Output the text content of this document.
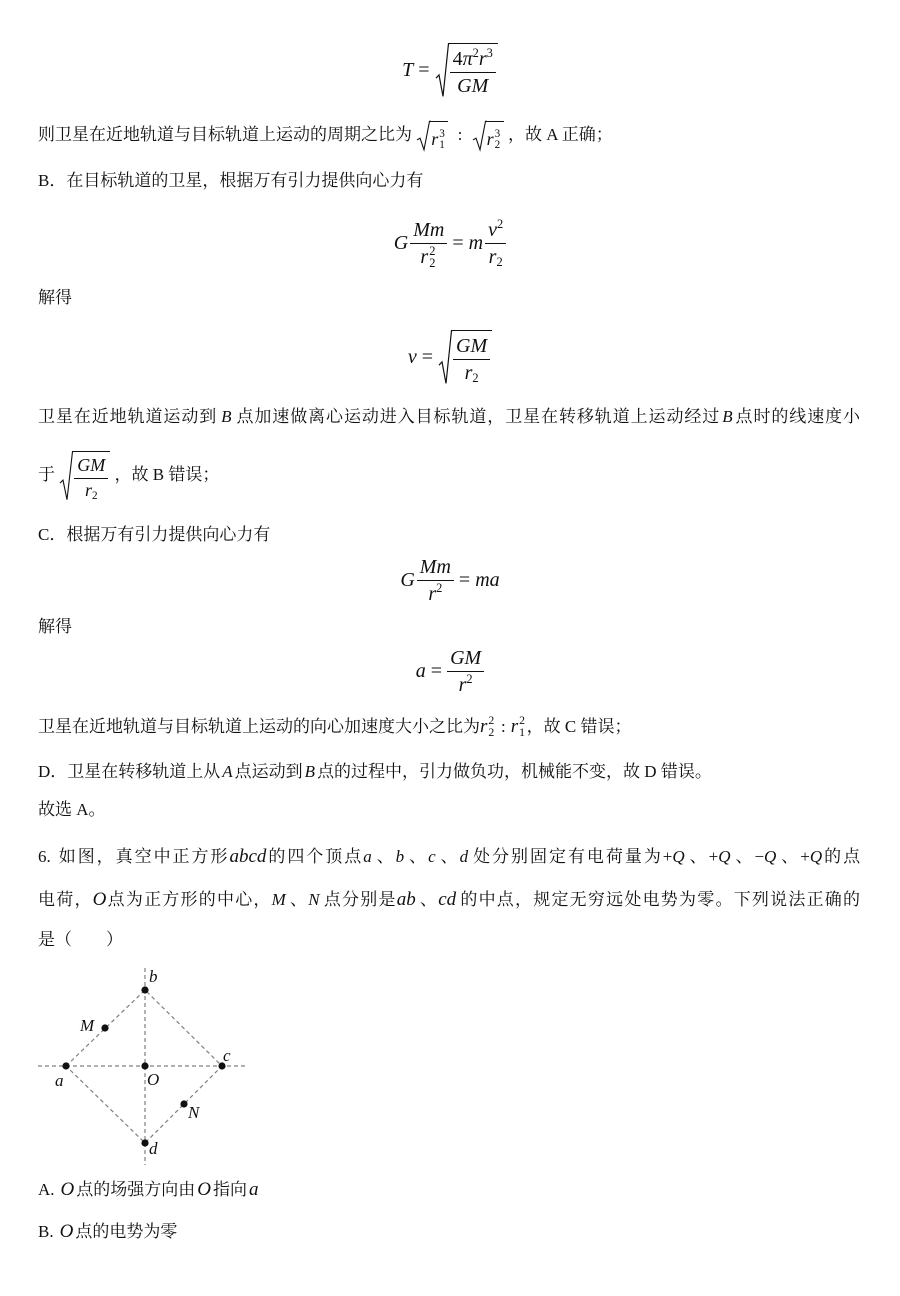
$T = \frac{4\pi^2r^3}{GM}$
则卫星在近地轨道与目标轨道上运动的周期之比为 r 3
1
: r 3
2
，故 A 正确；
B．在目标轨道的卫星，根据万有引力提供向心力有
G Mm
r 2
2 = m $\frac{v^2}{r2}$
解得
$v = \frac{GM}{r2}$
卫星在近地轨道运动到 B 点加速做离心运动进入目标轨道，卫星在转移轨道上运动经过 B 点时的线速度小
于 $\frac{GM}{r2}$ ，故 B 错误；
C．根据万有引力提供向心力有
G $\frac{Mm}{r^2}$ = ma
解得
$a = \frac{GM}{r^2}$
卫星在近地轨道与目标轨道上运动的向心加速度大小之比为r 2
2 : r 2
1 ，故 C 错误；
D．卫星在转移轨道上从 A 点运动到 B 点的过程中，引力做负功，机械能不变，故 D 错误。
故选 A。
6. 如图，真空中正方形abcd的四个顶点a 、b 、c 、d 处分别固定有电荷量为+Q 、+Q 、−Q 、+Q的点
电荷，O点为正方形的中心，M 、N 点分别是ab 、cd 的中点，规定无穷远处电势为零。下列说法正确的
是（　　）
b
M
c
a	O
N
d
A. O 点的场强方向由 O 指向 a
B. O 点的电势为零
